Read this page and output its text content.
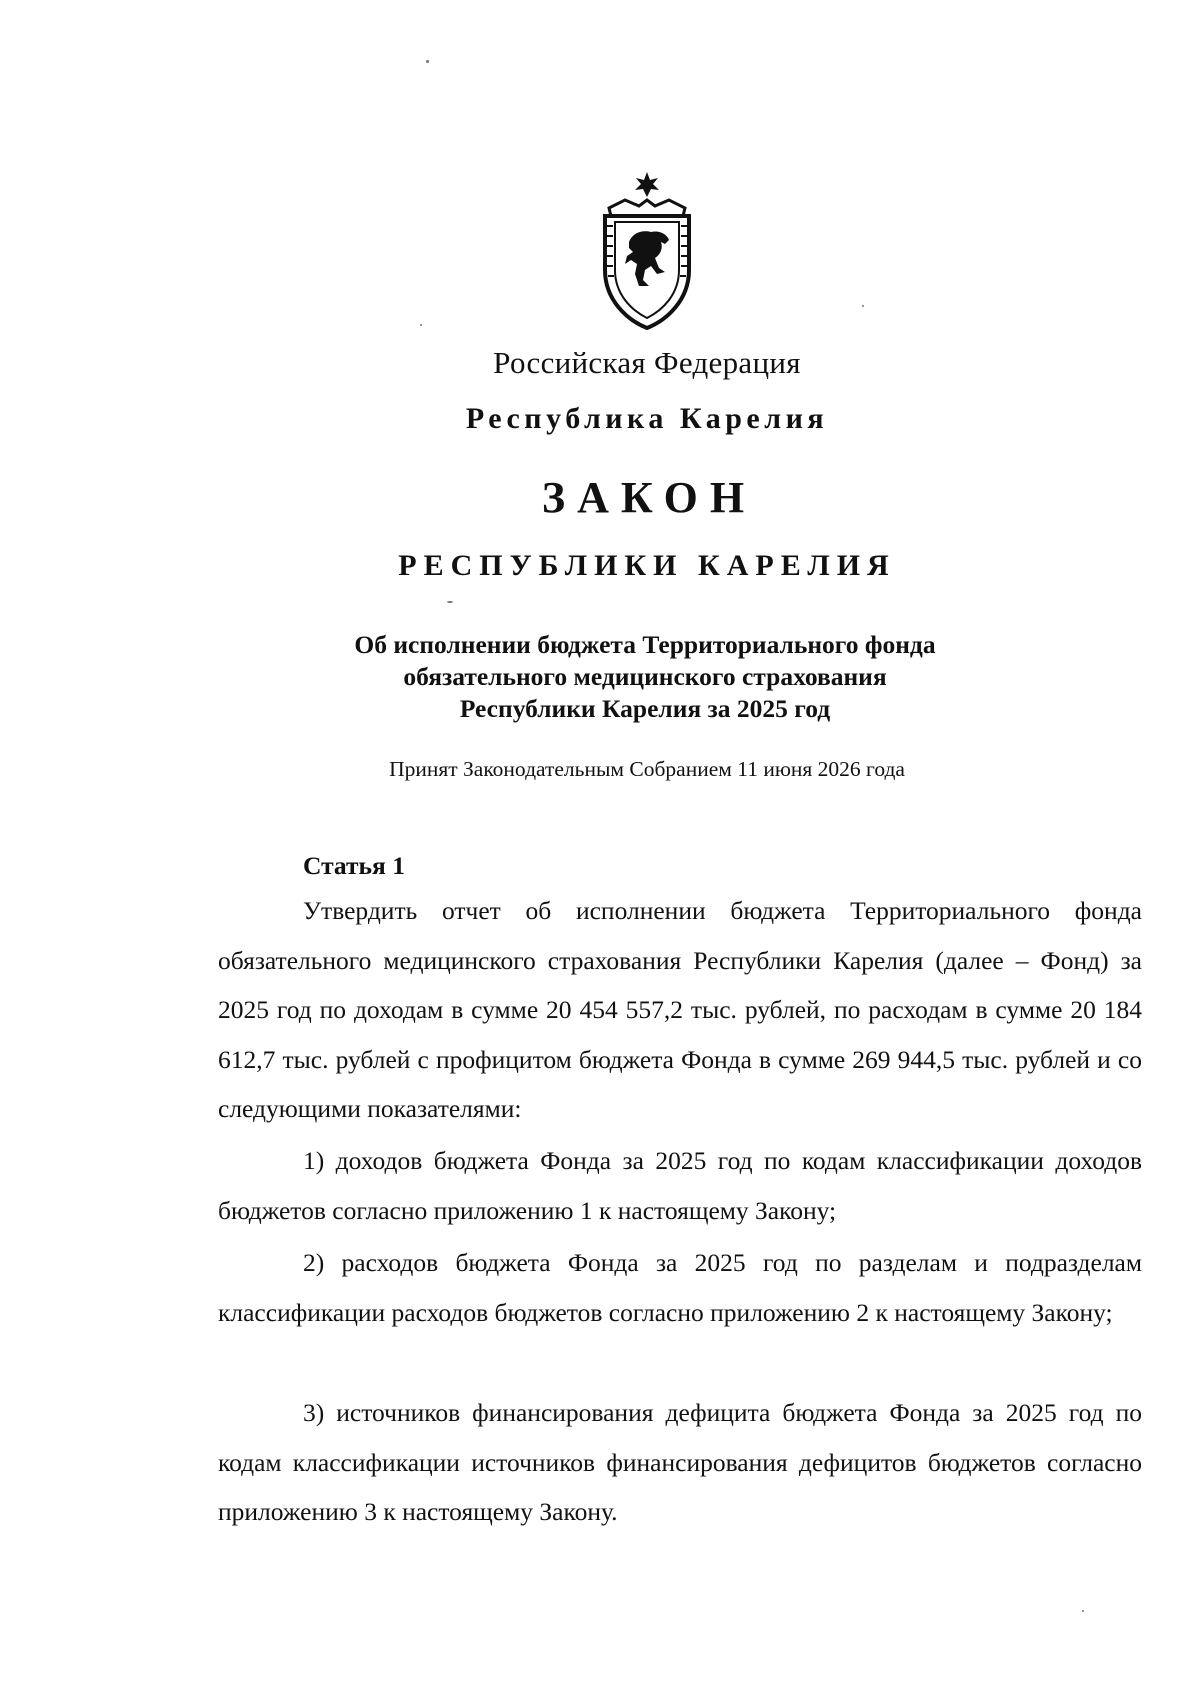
Российская Федерация
Республика Карелия
ЗАКОН
РЕСПУБЛИКИ КАРЕЛИЯ
Об исполнении бюджета Территориального фонда
обязательного медицинского страхования
Республики Карелия за 2025 год
Принят Законодательным Собранием 11 июня 2026 года
Статья 1

Утвердить отчет об исполнении бюджета Территориального фонда обязательного медицинского страхования Республики Карелия (далее – Фонд) за 2025 год по доходам в сумме 20 454 557,2 тыс. рублей, по расходам в сумме 20 184 612,7 тыс. рублей с профицитом бюджета Фонда в сумме 269 944,5 тыс. рублей и со следующими показателями:

1) доходов бюджета Фонда за 2025 год по кодам классификации доходов бюджетов согласно приложению 1 к настоящему Закону;

2) расходов бюджета Фонда за 2025 год по разделам и подразделам классификации расходов бюджетов согласно приложению 2 к настоящему Закону;

3) источников финансирования дефицита бюджета Фонда за 2025 год по кодам классификации источников финансирования дефицитов бюджетов согласно приложению 3 к настоящему Закону.
